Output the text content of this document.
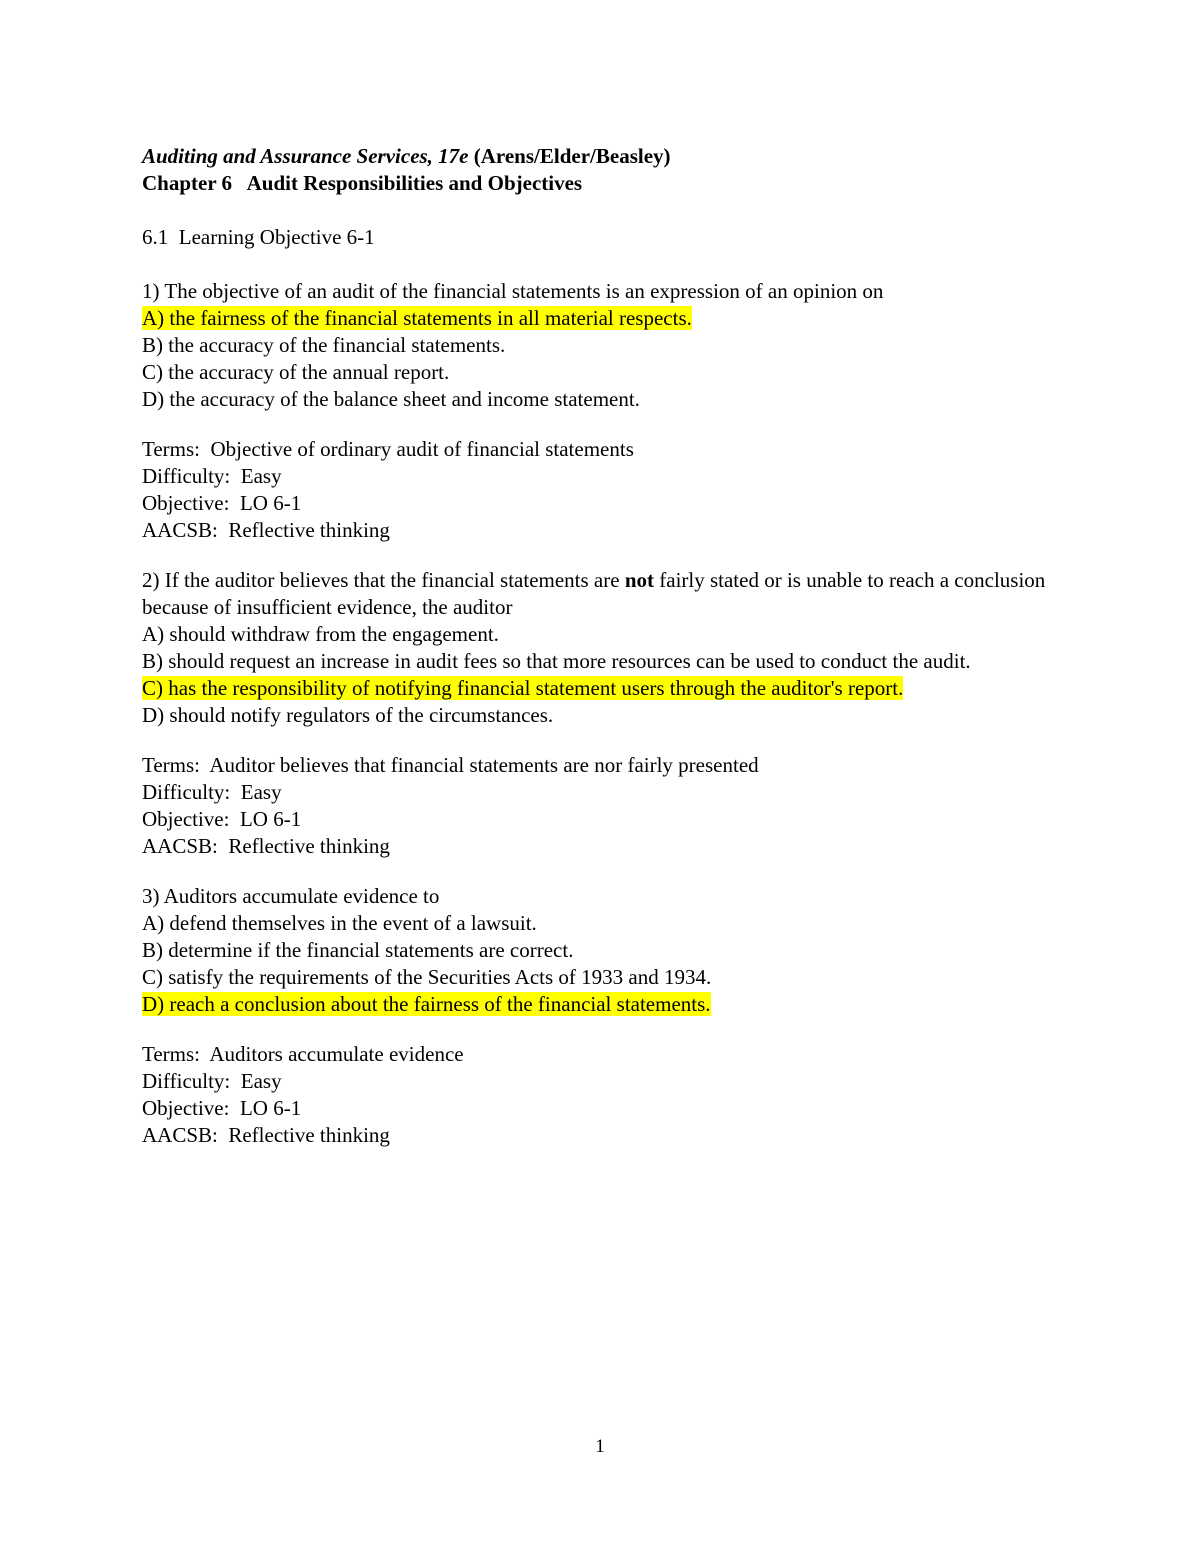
Auditing and Assurance Services, 17e (Arens/Elder/Beasley)

Chapter 6 Audit Responsibilities and Objectives

6.1  Learning Objective 6-1

1) The objective of an audit of the financial statements is an expression of an opinion on

A) the fairness of the financial statements in all material respects.

B) the accuracy of the financial statements.

C) the accuracy of the annual report.

D) the accuracy of the balance sheet and income statement.

Terms:  Objective of ordinary audit of financial statements

Difficulty:  Easy

Objective:  LO 6-1

AACSB:  Reflective thinking

2) If the auditor believes that the financial statements are not fairly stated or is unable to reach a conclusion because of insufficient evidence, the auditor

A) should withdraw from the engagement.

B) should request an increase in audit fees so that more resources can be used to conduct the audit.

C) has the responsibility of notifying financial statement users through the auditor's report.

D) should notify regulators of the circumstances.

Terms:  Auditor believes that financial statements are nor fairly presented

Difficulty:  Easy

Objective:  LO 6-1

AACSB:  Reflective thinking

3) Auditors accumulate evidence to

A) defend themselves in the event of a lawsuit.

B) determine if the financial statements are correct.

C) satisfy the requirements of the Securities Acts of 1933 and 1934.

D) reach a conclusion about the fairness of the financial statements.

Terms:  Auditors accumulate evidence

Difficulty:  Easy

Objective:  LO 6-1

AACSB:  Reflective thinking

1
